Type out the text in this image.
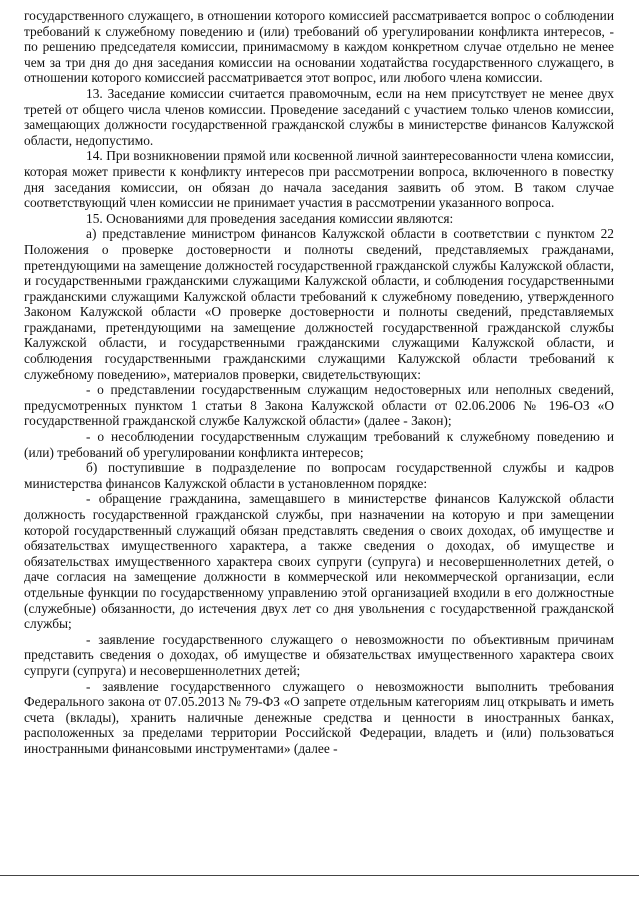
государственного служащего, в отношении которого комиссией рассматривается вопрос о соблюдении требований к служебному поведению и (или) требований об урегулировании конфликта интересов, - по решению председателя комиссии, принимасмому в каждом конкретном случае отдельно не менее чем за три дня до дня заседания комиссии на основании ходатайства государственного служащего, в отношении которого комиссией рассматривается этот вопрос, или любого члена комиссии.

13. Заседание комиссии считается правомочным, если на нем присутствует не менее двух третей от общего числа членов комиссии. Проведение заседаний с участием только членов комиссии, замещающих должности государственной гражданской службы в министерстве финансов Калужской области, недопустимо.

14. При возникновении прямой или косвенной личной заинтересованности члена комиссии, которая может привести к конфликту интересов при рассмотрении вопроса, включенного в повестку дня заседания комиссии, он обязан до начала заседания заявить об этом. В таком случае соответствующий член комиссии не принимает участия в рассмотрении указанного вопроса.

15. Основаниями для проведения заседания комиссии являются:

а) представление министром финансов Калужской области в соответствии с пунктом 22 Положения о проверке достоверности и полноты сведений, представляемых гражданами, претендующими на замещение должностей государственной гражданской службы Калужской области, и государственными гражданскими служащими Калужской области, и соблюдения государственными гражданскими служащими Калужской области требований к служебному поведению, утвержденного Законом Калужской области «О проверке достоверности и полноты сведений, представляемых гражданами, претендующими на замещение должностей государственной гражданской службы Калужской области, и государственными гражданскими служащими Калужской области, и соблюдения государственными гражданскими служащими Калужской области требований к служебному поведению», материалов проверки, свидетельствующих:

- о представлении государственным служащим недостоверных или неполных сведений, предусмотренных пунктом 1 статьи 8 Закона Калужской области от 02.06.2006 № 196-ОЗ «О государственной гражданской службе Калужской области» (далее - Закон);

- о несоблюдении государственным служащим требований к служебному поведению и (или) требований об урегулировании конфликта интересов;

б) поступившие в подразделение по вопросам государственной службы и кадров министерства финансов Калужской области в установленном порядке:

- обращение гражданина, замещавшего в министерстве финансов Калужской области должность государственной гражданской службы, при назначении на которую и при замещении которой государственный служащий обязан представлять сведения о своих доходах, об имуществе и обязательствах имущественного характера, а также сведения о доходах, об имуществе и обязательствах имущественного характера своих супруги (супруга) и несовершеннолетних детей, о даче согласия на замещение должности в коммерческой или некоммерческой организации, если отдельные функции по государственному управлению этой организацией входили в его должностные (служебные) обязанности, до истечения двух лет со дня увольнения с государственной гражданской службы;

- заявление государственного служащего о невозможности по объективным причинам представить сведения о доходах, об имуществе и обязательствах имущественного характера своих супруги (супруга) и несовершеннолетних детей;

- заявление государственного служащего о невозможности выполнить требования Федерального закона от 07.05.2013 № 79-ФЗ «О запрете отдельным категориям лиц открывать и иметь счета (вклады), хранить наличные денежные средства и ценности в иностранных банках, расположенных за пределами территории Российской Федерации, владеть и (или) пользоваться иностранными финансовыми инструментами» (далее -
